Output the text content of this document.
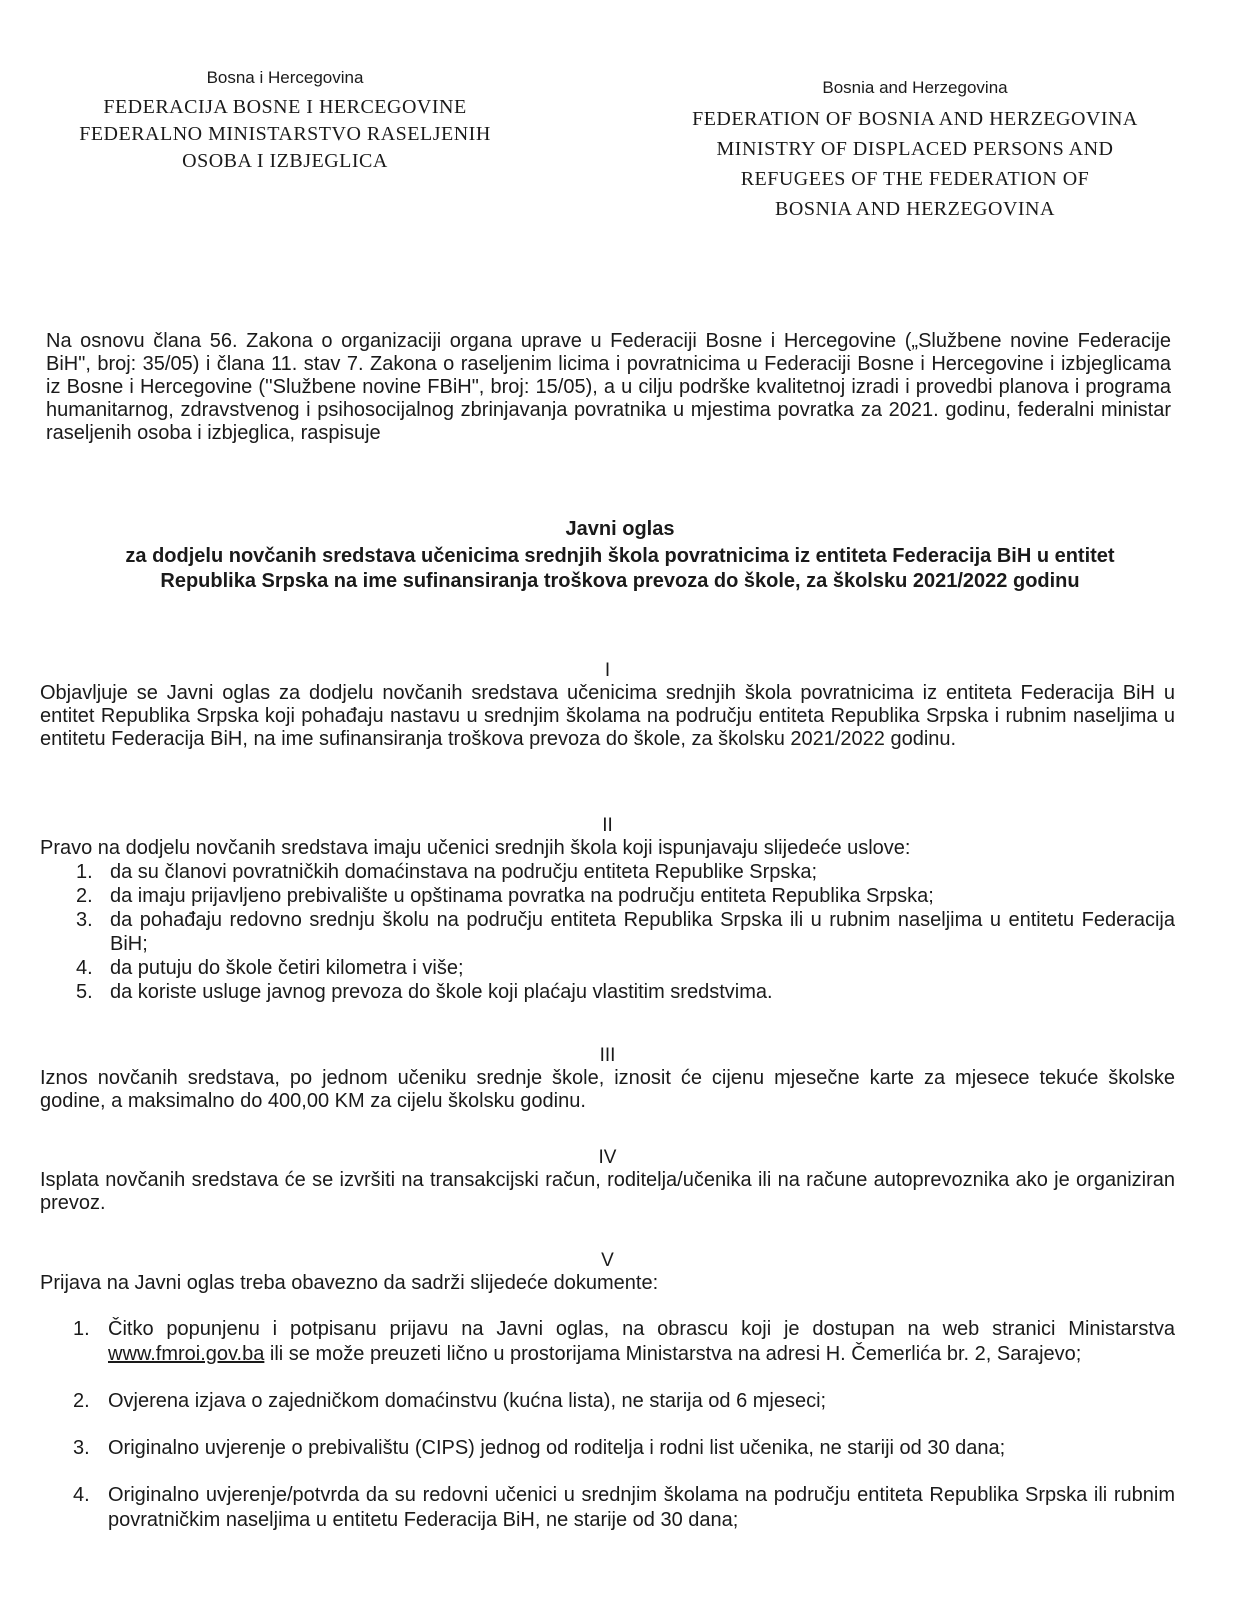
Bosna i Hercegovina
FEDERACIJA BOSNE I HERCEGOVINE
FEDERALNO MINISTARSTVO RASELJENIH
OSOBA I IZBJEGLICA
Bosnia and Herzegovina
FEDERATION OF BOSNIA AND HERZEGOVINA
MINISTRY OF DISPLACED PERSONS AND
REFUGEES OF THE FEDERATION OF
BOSNIA AND HERZEGOVINA
Na osnovu člana 56. Zakona o organizaciji organa uprave u Federaciji Bosne i Hercegovine („Službene novine Federacije BiH", broj: 35/05) i člana 11. stav 7. Zakona o raseljenim licima i povratnicima u Federaciji Bosne i Hercegovine i izbjeglicama iz Bosne i Hercegovine (''Službene novine FBiH", broj: 15/05), a u cilju podrške kvalitetnoj izradi i provedbi planova i programa humanitarnog, zdravstvenog i psihosocijalnog zbrinjavanja povratnika u mjestima povratka za 2021. godinu, federalni ministar raseljenih osoba i izbjeglica, raspisuje
Javni oglas
za dodjelu novčanih sredstava učenicima srednjih škola povratnicima iz entiteta Federacija BiH u entitet Republika Srpska na ime sufinansiranja troškova prevoza do škole, za školsku 2021/2022 godinu
I
Objavljuje se Javni oglas za dodjelu novčanih sredstava učenicima srednjih škola povratnicima iz entiteta Federacija BiH u entitet Republika Srpska koji pohađaju nastavu u srednjim školama na području entiteta Republika Srpska i rubnim naseljima u entitetu Federacija BiH, na ime sufinansiranja troškova prevoza do škole, za školsku 2021/2022 godinu.
II
Pravo na dodjelu novčanih sredstava imaju učenici srednjih škola koji ispunjavaju slijedeće uslove:
1. da su članovi povratničkih domaćinstava na području entiteta Republike Srpska;
2. da imaju prijavljeno prebivalište u opštinama povratka na području entiteta Republika Srpska;
3. da pohađaju redovno srednju školu na području entiteta Republika Srpska ili u rubnim naseljima u entitetu Federacija BiH;
4. da putuju do škole četiri kilometra i više;
5. da koriste usluge javnog prevoza do škole koji plaćaju vlastitim sredstvima.
III
Iznos novčanih sredstava, po jednom učeniku srednje škole, iznosit će cijenu mjesečne karte za mjesece tekuće školske godine, a maksimalno do 400,00 KM za cijelu školsku godinu.
IV
Isplata novčanih sredstava će se izvršiti na transakcijski račun, roditelja/učenika ili na račune autoprevoznika ako je organiziran prevoz.
V
Prijava na Javni oglas treba obavezno da sadrži slijedeće dokumente:
1. Čitko popunjenu i potpisanu prijavu na Javni oglas, na obrascu koji je dostupan na web stranici Ministarstva www.fmroi.gov.ba ili se može preuzeti lično u prostorijama Ministarstva na adresi H. Čemerlića br. 2, Sarajevo;
2. Ovjerena izjava o zajedničkom domaćinstvu (kućna lista), ne starija od 6 mjeseci;
3. Originalno uvjerenje o prebivalištu (CIPS) jednog od roditelja i rodni list učenika, ne stariji od 30 dana;
4. Originalno uvjerenje/potvrda da su redovni učenici u srednjim školama na području entiteta Republika Srpska ili rubnim povratničkim naseljima u entitetu Federacija BiH, ne starije od 30 dana;
